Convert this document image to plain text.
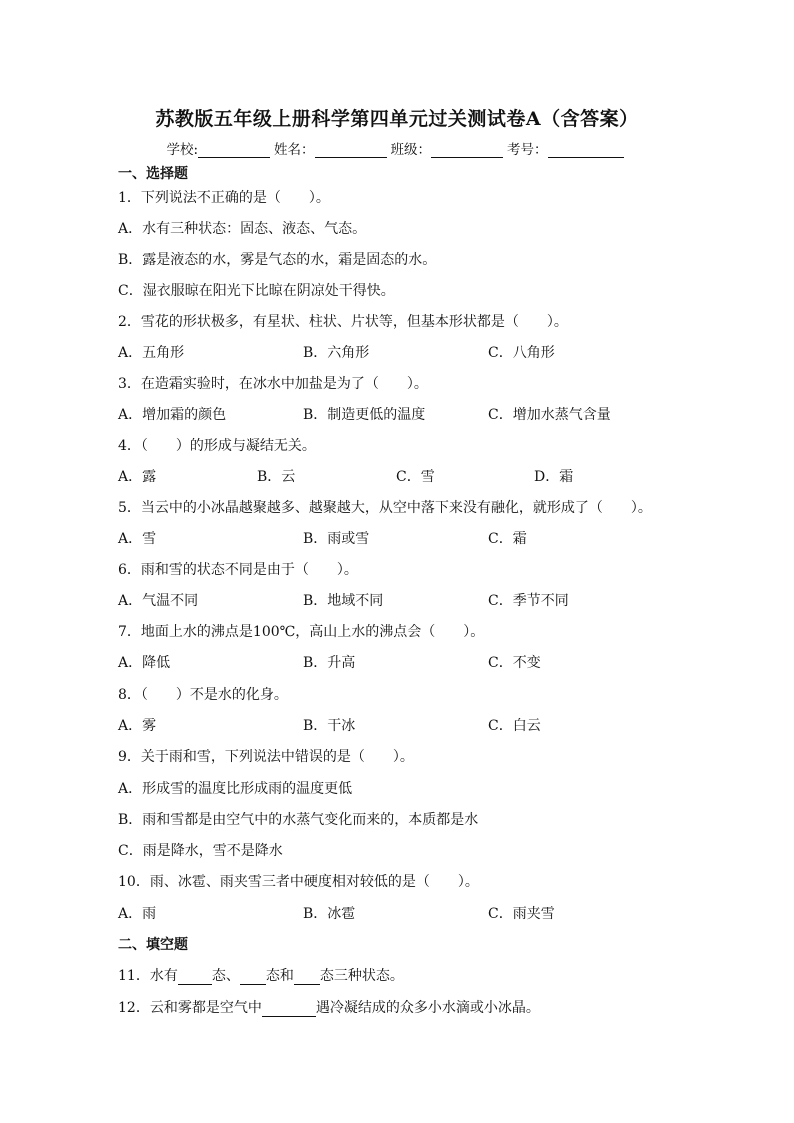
苏教版五年级上册科学第四单元过关测试卷A（含答案）
学校:	姓名：	班级：	考号：
一、选择题
1．下列说法不正确的是（　　）。
A．水有三种状态：固态、液态、气态。
B．露是液态的水，雾是气态的水，霜是固态的水。
C．湿衣服晾在阳光下比晾在阴凉处干得快。
2．雪花的形状极多，有星状、柱状、片状等，但基本形状都是（　　）。
A．五角形	B．六角形	C．八角形
3．在造霜实验时，在冰水中加盐是为了（　　）。
A．增加霜的颜色	B．制造更低的温度	C．增加水蒸气含量
4．（　　）的形成与凝结无关。
A．露	B．云	C．雪	D．霜
5．当云中的小冰晶越聚越多、越聚越大，从空中落下来没有融化，就形成了（　　）。
A．雪	B．雨或雪	C．霜
6．雨和雪的状态不同是由于（　　）。
A．气温不同	B．地域不同	C．季节不同
7．地面上水的沸点是100℃，高山上水的沸点会（　　）。
A．降低	B．升高	C．不变
8．（　　）不是水的化身。
A．雾	B．干冰	C．白云
9．关于雨和雪，下列说法中错误的是（　　）。
A．形成雪的温度比形成雨的温度更低
B．雨和雪都是由空气中的水蒸气变化而来的，本质都是水
C．雨是降水，雪不是降水
10．雨、冰雹、雨夹雪三者中硬度相对较低的是（　　）。
A．雨	B．冰雹	C．雨夹雪
二、填空题
11．水有 态、 态和 态三种状态。
12．云和雾都是空气中	遇冷凝结成的众多小水滴或小冰晶。
